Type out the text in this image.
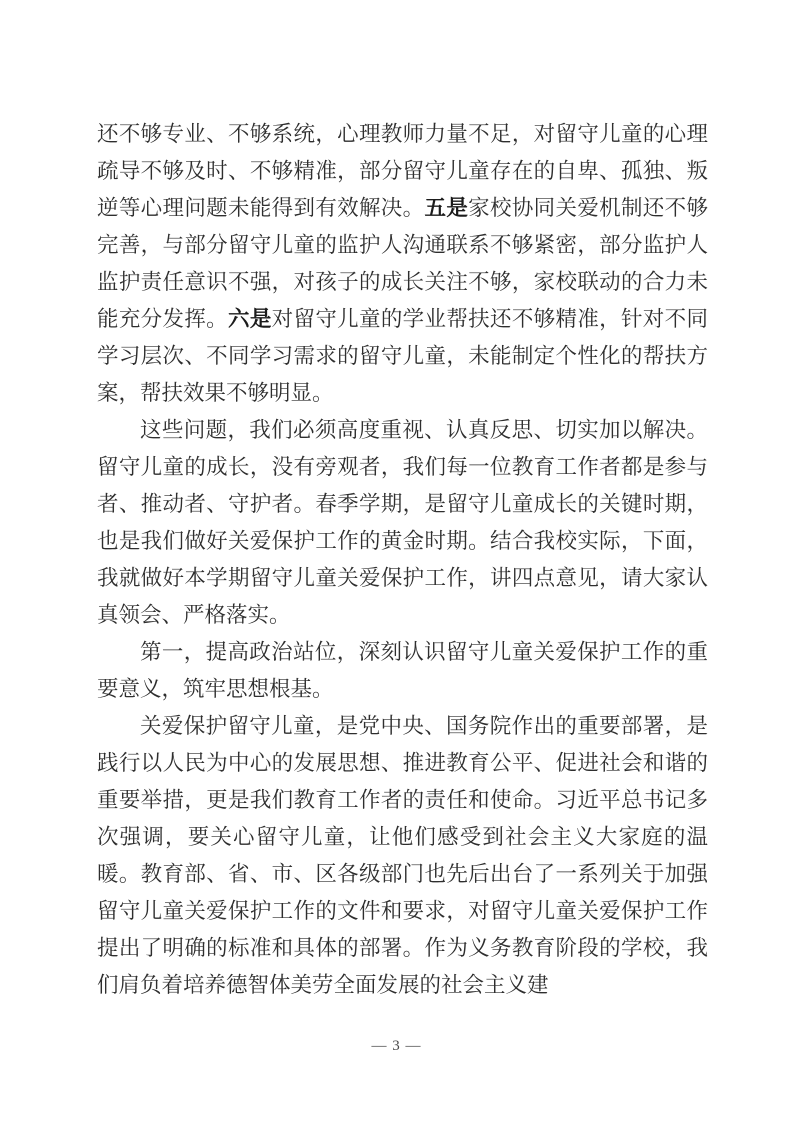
还不够专业、不够系统，心理教师力量不足，对留守儿童的心理疏导不够及时、不够精准，部分留守儿童存在的自卑、孤独、叛逆等心理问题未能得到有效解决。五是家校协同关爱机制还不够完善，与部分留守儿童的监护人沟通联系不够紧密，部分监护人监护责任意识不强，对孩子的成长关注不够，家校联动的合力未能充分发挥。六是对留守儿童的学业帮扶还不够精准，针对不同学习层次、不同学习需求的留守儿童，未能制定个性化的帮扶方案，帮扶效果不够明显。

这些问题，我们必须高度重视、认真反思、切实加以解决。留守儿童的成长，没有旁观者，我们每一位教育工作者都是参与者、推动者、守护者。春季学期，是留守儿童成长的关键时期，也是我们做好关爱保护工作的黄金时期。结合我校实际，下面，我就做好本学期留守儿童关爱保护工作，讲四点意见，请大家认真领会、严格落实。

第一，提高政治站位，深刻认识留守儿童关爱保护工作的重要意义，筑牢思想根基。

关爱保护留守儿童，是党中央、国务院作出的重要部署，是践行以人民为中心的发展思想、推进教育公平、促进社会和谐的重要举措，更是我们教育工作者的责任和使命。习近平总书记多次强调，要关心留守儿童，让他们感受到社会主义大家庭的温暖。教育部、省、市、区各级部门也先后出台了一系列关于加强留守儿童关爱保护工作的文件和要求，对留守儿童关爱保护工作提出了明确的标准和具体的部署。作为义务教育阶段的学校，我们肩负着培养德智体美劳全面发展的社会主义建

— 3 —
